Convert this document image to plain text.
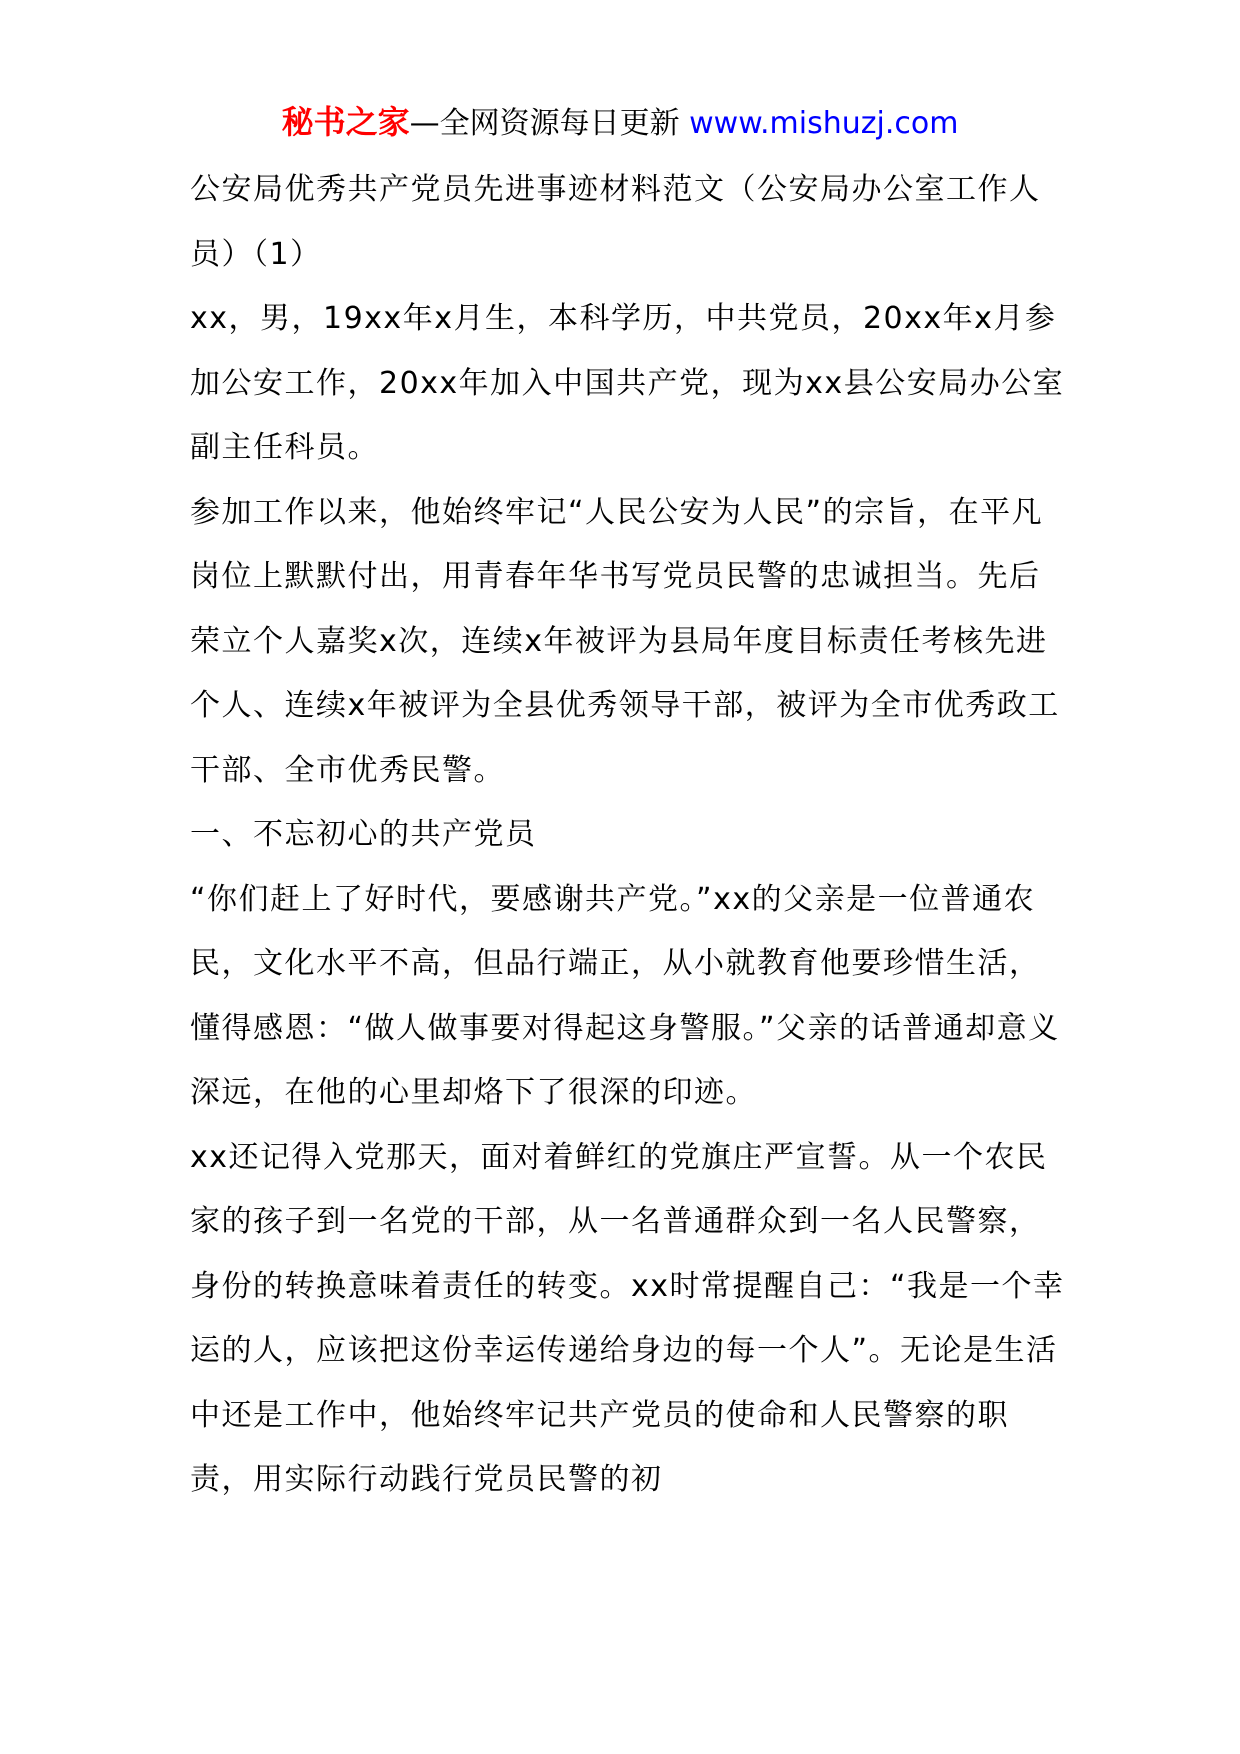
秘书之家—全网资源每日更新 www.mishuzj.com

公安局优秀共产党员先进事迹材料范文（公安局办公室工作人员）（1）

xx，男，19xx年x月生，本科学历，中共党员，20xx年x月参加公安工作，20xx年加入中国共产党，现为xx县公安局办公室副主任科员。

参加工作以来，他始终牢记“人民公安为人民”的宗旨，在平凡岗位上默默付出，用青春年华书写党员民警的忠诚担当。先后荣立个人嘉奖x次，连续x年被评为县局年度目标责任考核先进个人、连续x年被评为全县优秀领导干部，被评为全市优秀政工干部、全市优秀民警。

一、不忘初心的共产党员

“你们赶上了好时代，要感谢共产党。”xx的父亲是一位普通农民，文化水平不高，但品行端正，从小就教育他要珍惜生活，懂得感恩：“做人做事要对得起这身警服。”父亲的话普通却意义深远，在他的心里却烙下了很深的印迹。

xx还记得入党那天，面对着鲜红的党旗庄严宣誓。从一个农民家的孩子到一名党的干部，从一名普通群众到一名人民警察，身份的转换意味着责任的转变。xx时常提醒自己：“我是一个幸运的人，应该把这份幸运传递给身边的每一个人”。无论是生活中还是工作中，他始终牢记共产党员的使命和人民警察的职责，用实际行动践行党员民警的初
